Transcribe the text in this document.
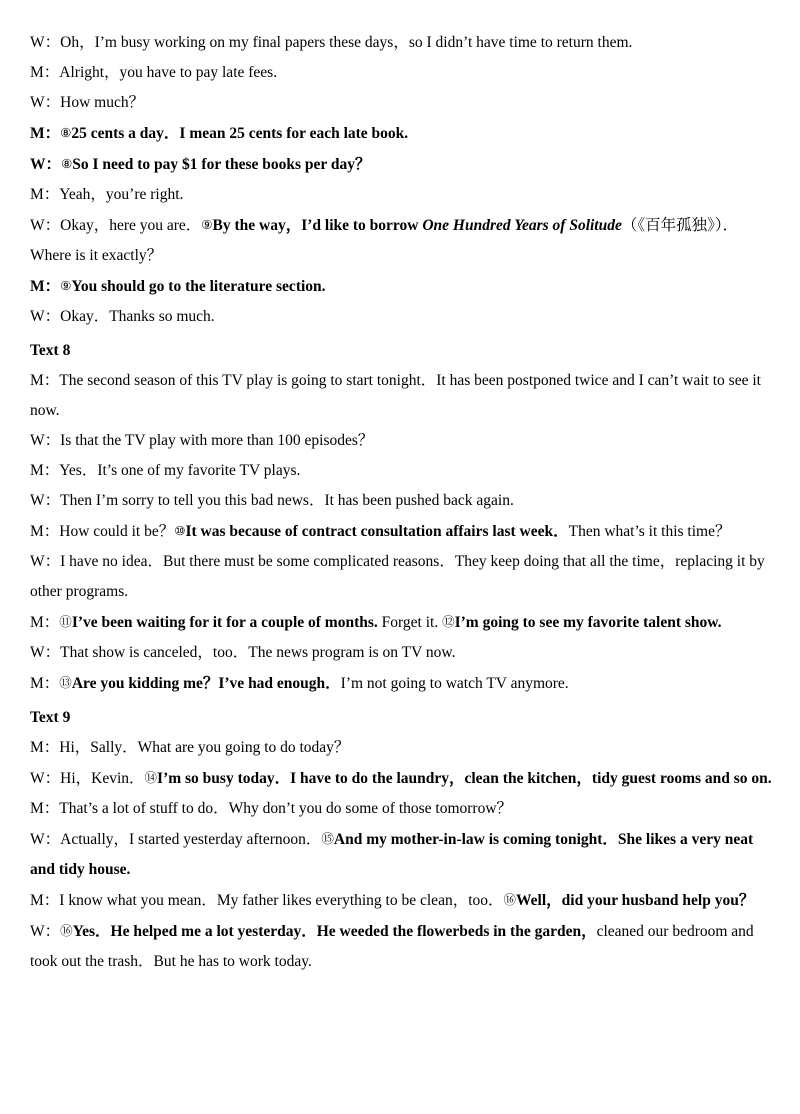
W：Oh，I’m busy working on my final papers these days，so I didn’t have time to return them.

M：Alright，you have to pay late fees.

W：How much？

M：⑧25 cents a day．I mean 25 cents for each late book.

W：⑧So I need to pay $1 for these books per day？

M：Yeah，you’re right.

W：Okay，here you are．⑨By the way，I’d like to borrow One Hundred Years of Solitude（《百年孤独》）．Where is it exactly？

M：⑨You should go to the literature section.

W：Okay．Thanks so much.

Text 8

M：The second season of this TV play is going to start tonight．It has been postponed twice and I can’t wait to see it now.

W：Is that the TV play with more than 100 episodes？

M：Yes．It’s one of my favorite TV plays.

W：Then I’m sorry to tell you this bad news．It has been pushed back again.

M：How could it be？⑩It was because of contract consultation affairs last week．Then what’s it this time？

W：I have no idea．But there must be some complicated reasons．They keep doing that all the time，replacing it by other programs.

M：⑪I’ve been waiting for it for a couple of months. Forget it. ⑫I’m going to see my favorite talent show.

W：That show is canceled，too．The news program is on TV now.

M：⑬Are you kidding me？I’ve had enough．I’m not going to watch TV anymore.

Text 9

M：Hi，Sally．What are you going to do today？

W：Hi，Kevin．⑭I’m so busy today．I have to do the laundry，clean the kitchen，tidy guest rooms and so on.

M：That’s a lot of stuff to do．Why don’t you do some of those tomorrow？

W：Actually，I started yesterday afternoon．⑮And my mother-in-law is coming tonight．She likes a very neat and tidy house.

M：I know what you mean．My father likes everything to be clean，too．⑯Well，did your husband help you？

W：⑯Yes．He helped me a lot yesterday．He weeded the flowerbeds in the garden，cleaned our bedroom and took out the trash．But he has to work today.
